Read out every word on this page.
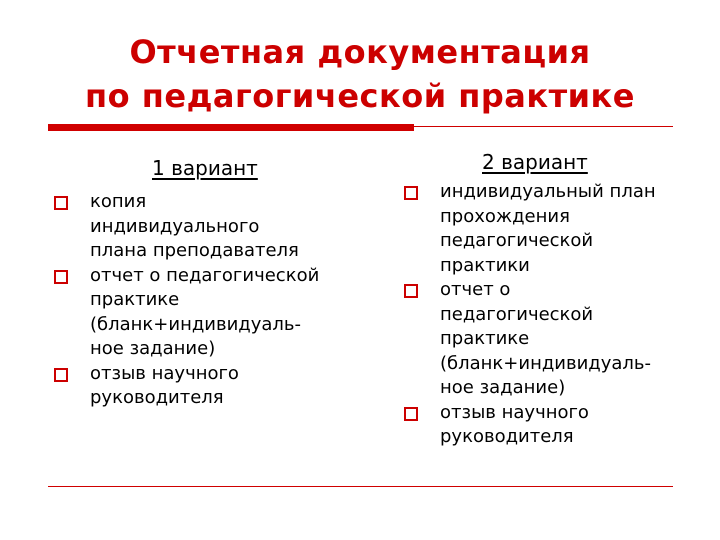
Отчетная документация
по педагогической практике
1 вариант
копия
индивидуального
плана преподавателя
отчет о педагогической
практике
(бланк+индивидуаль-
ное задание)
отзыв научного
руководителя
2 вариант
индивидуальный план
прохождения
педагогической
практики
отчет о
педагогической
практике
(бланк+индивидуаль-
ное задание)
отзыв научного
руководителя
